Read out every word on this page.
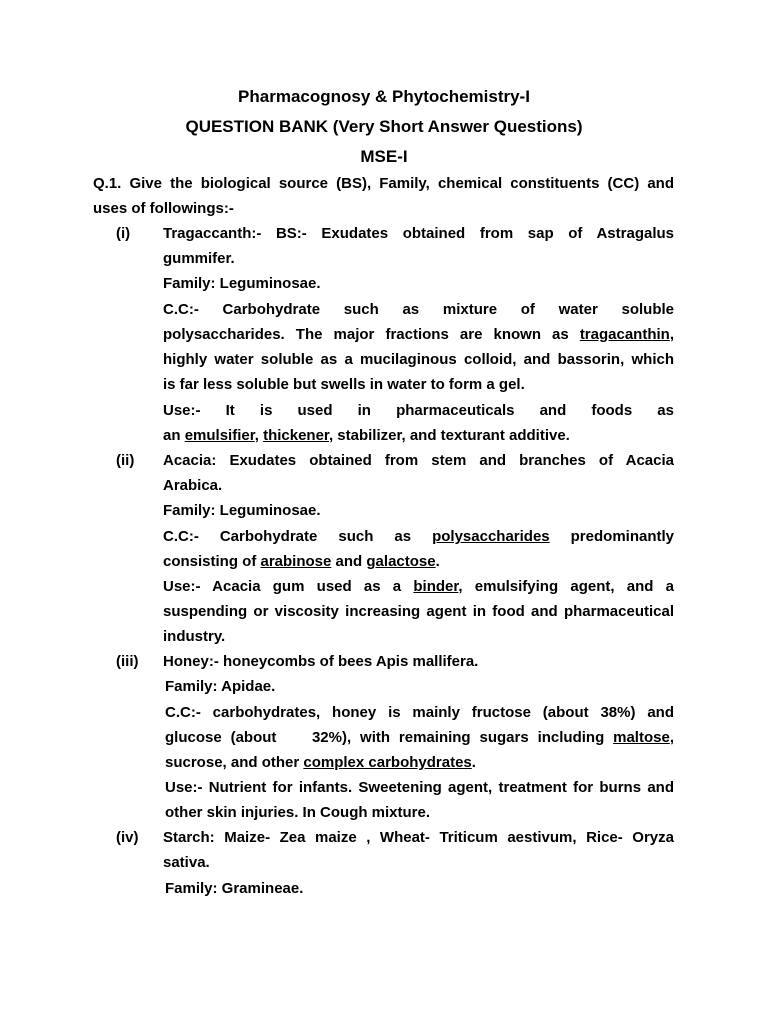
Pharmacognosy & Phytochemistry-I
QUESTION BANK (Very Short Answer Questions)
MSE-I
Q.1. Give the biological source (BS), Family, chemical constituents (CC) and
uses of followings:-
(i) Tragaccanth:- BS:- Exudates obtained from sap of Astragalus
gummifer.
Family: Leguminosae.
C.C:- Carbohydrate such as mixture of water soluble
polysaccharides. The major fractions are known as tragacanthin,
highly water soluble as a mucilaginous colloid, and bassorin, which
is far less soluble but swells in water to form a gel.
Use:- It is used in pharmaceuticals and foods as
an emulsifier, thickener, stabilizer, and texturant additive.
(ii) Acacia: Exudates obtained from stem and branches of Acacia
Arabica.
Family: Leguminosae.
C.C:- Carbohydrate such as polysaccharides predominantly
consisting of arabinose and galactose.
Use:- Acacia gum used as a binder, emulsifying agent, and a
suspending or viscosity increasing agent in food and pharmaceutical
industry.
(iii) Honey:- honeycombs of bees Apis mallifera.
Family: Apidae.
C.C:- carbohydrates, honey is mainly fructose (about 38%) and
glucose (about    32%), with remaining sugars including maltose,
sucrose, and other complex carbohydrates.
Use:- Nutrient for infants. Sweetening agent, treatment for burns and
other skin injuries. In Cough mixture.
(iv) Starch: Maize- Zea maize , Wheat- Triticum aestivum, Rice- Oryza
sativa.
Family: Gramineae.
